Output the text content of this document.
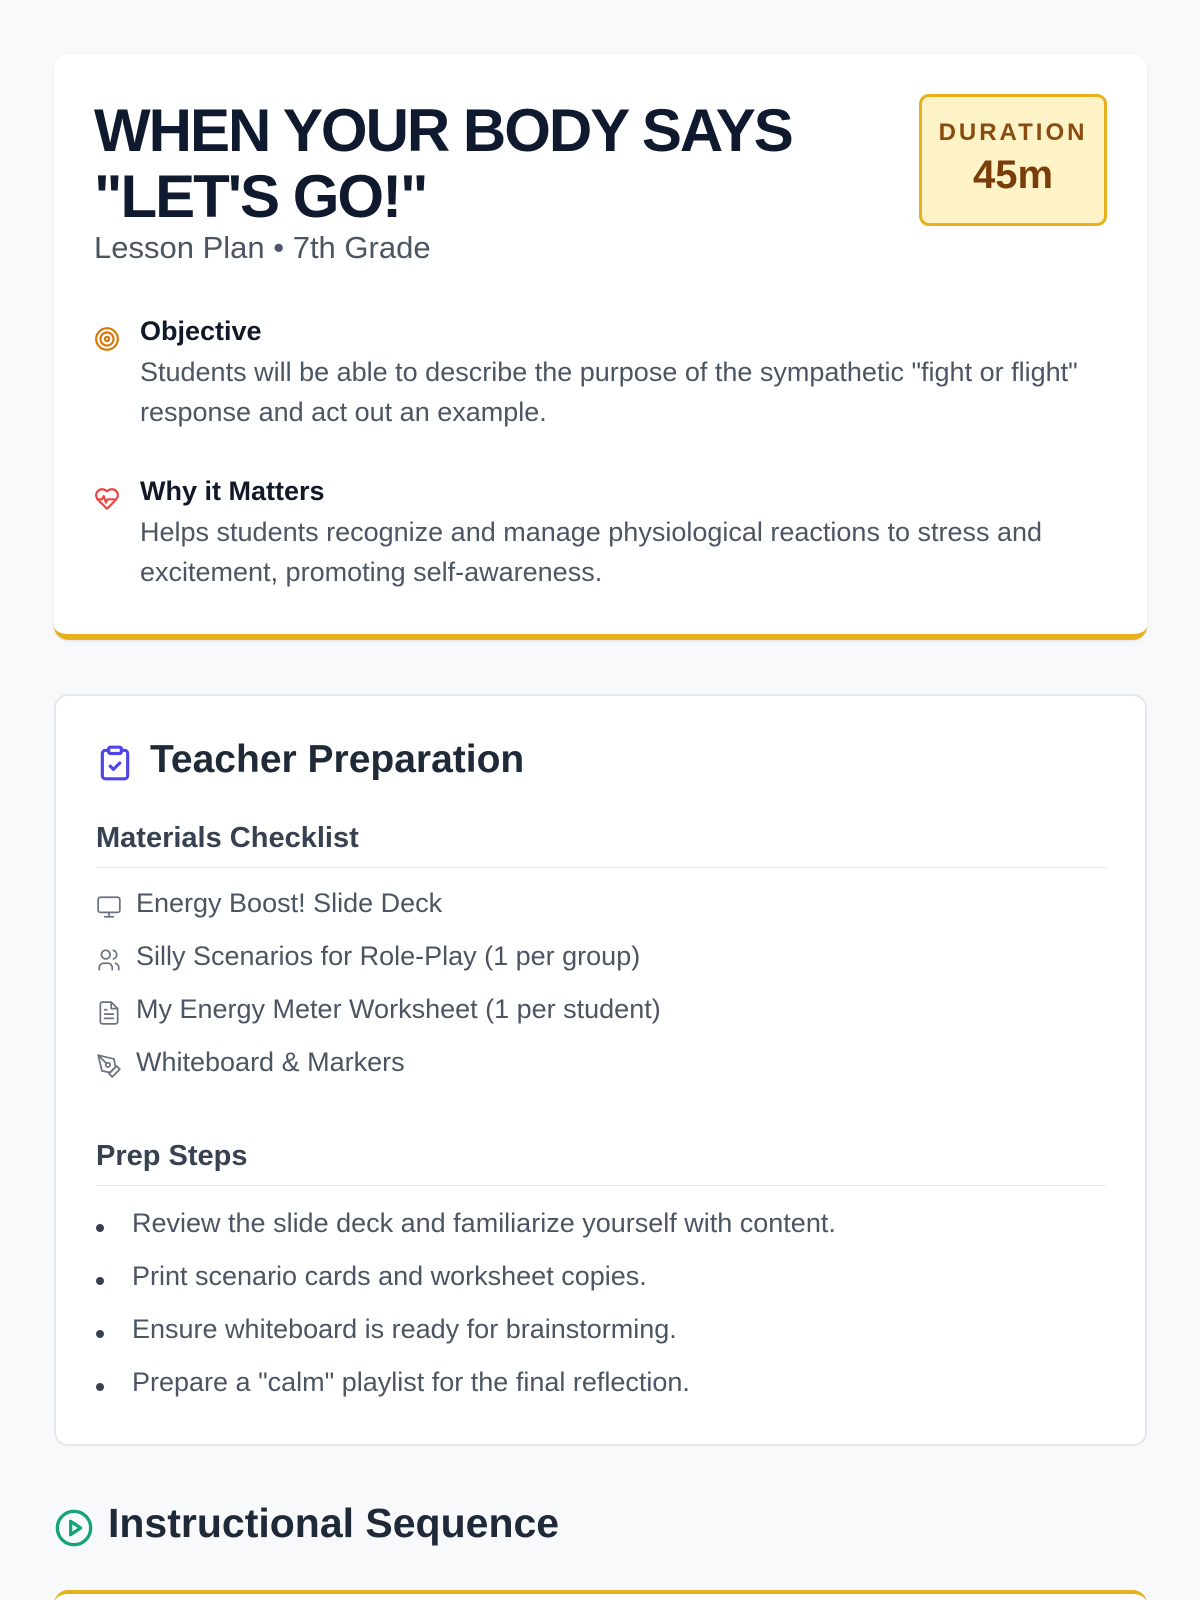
WHEN YOUR BODY SAYS "LET'S GO!"
Lesson Plan • 7th Grade
DURATION
45m
Objective
Students will be able to describe the purpose of the sympathetic "fight or flight" response and act out an example.
Why it Matters
Helps students recognize and manage physiological reactions to stress and excitement, promoting self-awareness.
Teacher Preparation
Materials Checklist
Energy Boost! Slide Deck
Silly Scenarios for Role-Play (1 per group)
My Energy Meter Worksheet (1 per student)
Whiteboard & Markers
Prep Steps
Review the slide deck and familiarize yourself with content.
Print scenario cards and worksheet copies.
Ensure whiteboard is ready for brainstorming.
Prepare a "calm" playlist for the final reflection.
Instructional Sequence
